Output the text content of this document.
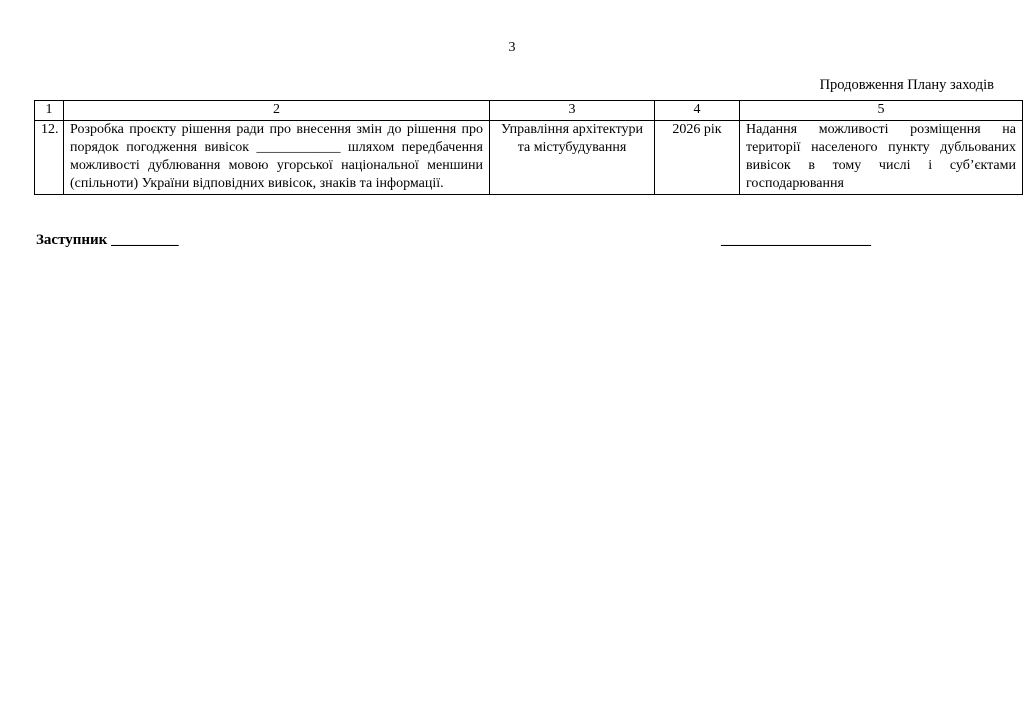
3
Продовження Плану заходів
1	2	3	4	5
12.	Розробка проєкту рішення ради про внесення змін до рішення про порядок погодження вивісок ____________ шляхом передбачення можливості дублювання мовою угорської національної меншини (спільноти) України відповідних вивісок, знаків та інформації.	Управління архітектури та містубудування	2026 рік	Надання можливості розміщення на території населеного пункту дубльованих вивісок в тому числі і суб’єктами господарювання
Заступник _________	____________________
